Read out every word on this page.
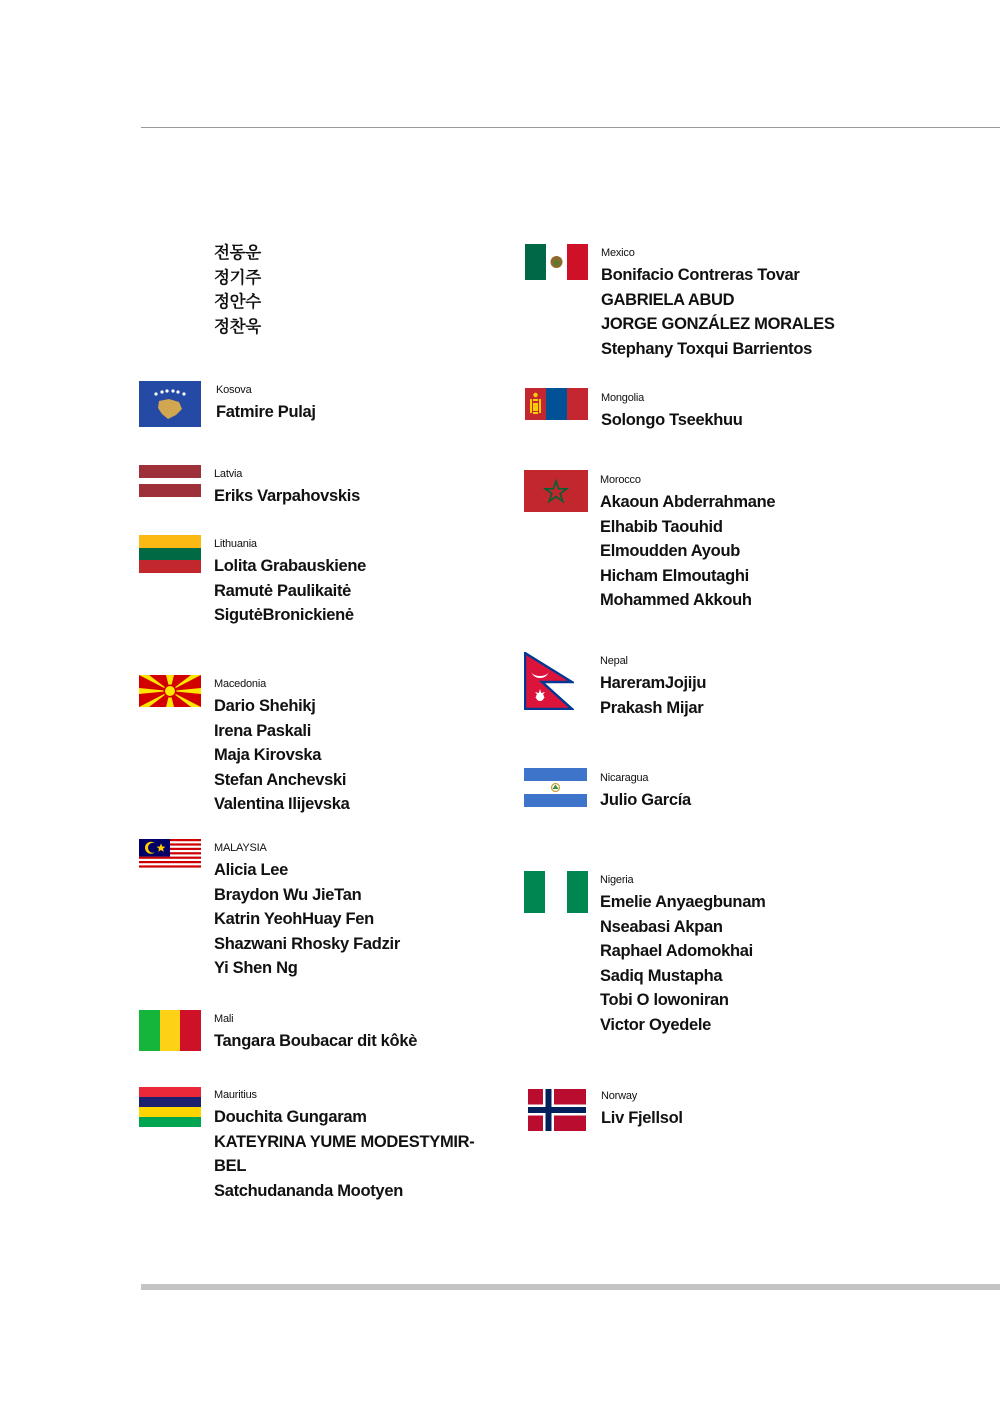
전동운
정기주
정안수
정찬욱
Kosova
Fatmire Pulaj
Latvia
Eriks Varpahovskis
Lithuania
Lolita Grabauskiene
Ramutė Paulikaitė
SigutėBronickienė
Macedonia
Dario Shehikj
Irena Paskali
Maja Kirovska
Stefan Anchevski
Valentina Ilijevska
MALAYSIA
Alicia Lee
Braydon Wu JieTan
Katrin YeohHuay Fen
Shazwani Rhosky Fadzir
Yi Shen Ng
Mali
Tangara Boubacar dit kôkè
Mauritius
Douchita Gungaram
KATEYRINA YUME MODESTYMIR-BEL
Satchudananda Mootyen
Mexico
Bonifacio Contreras Tovar
GABRIELA ABUD
JORGE GONZÁLEZ MORALES
Stephany Toxqui Barrientos
Mongolia
Solongo Tseekhuu
Morocco
Akaoun Abderrahmane
Elhabib Taouhid
Elmoudden Ayoub
Hicham Elmoutaghi
Mohammed Akkouh
Nepal
HareramJojiju
Prakash Mijar
Nicaragua
Julio García
Nigeria
Emelie Anyaegbunam
Nseabasi Akpan
Raphael Adomokhai
Sadiq Mustapha
Tobi O lowoniran
Victor Oyedele
Norway
Liv Fjellsol
